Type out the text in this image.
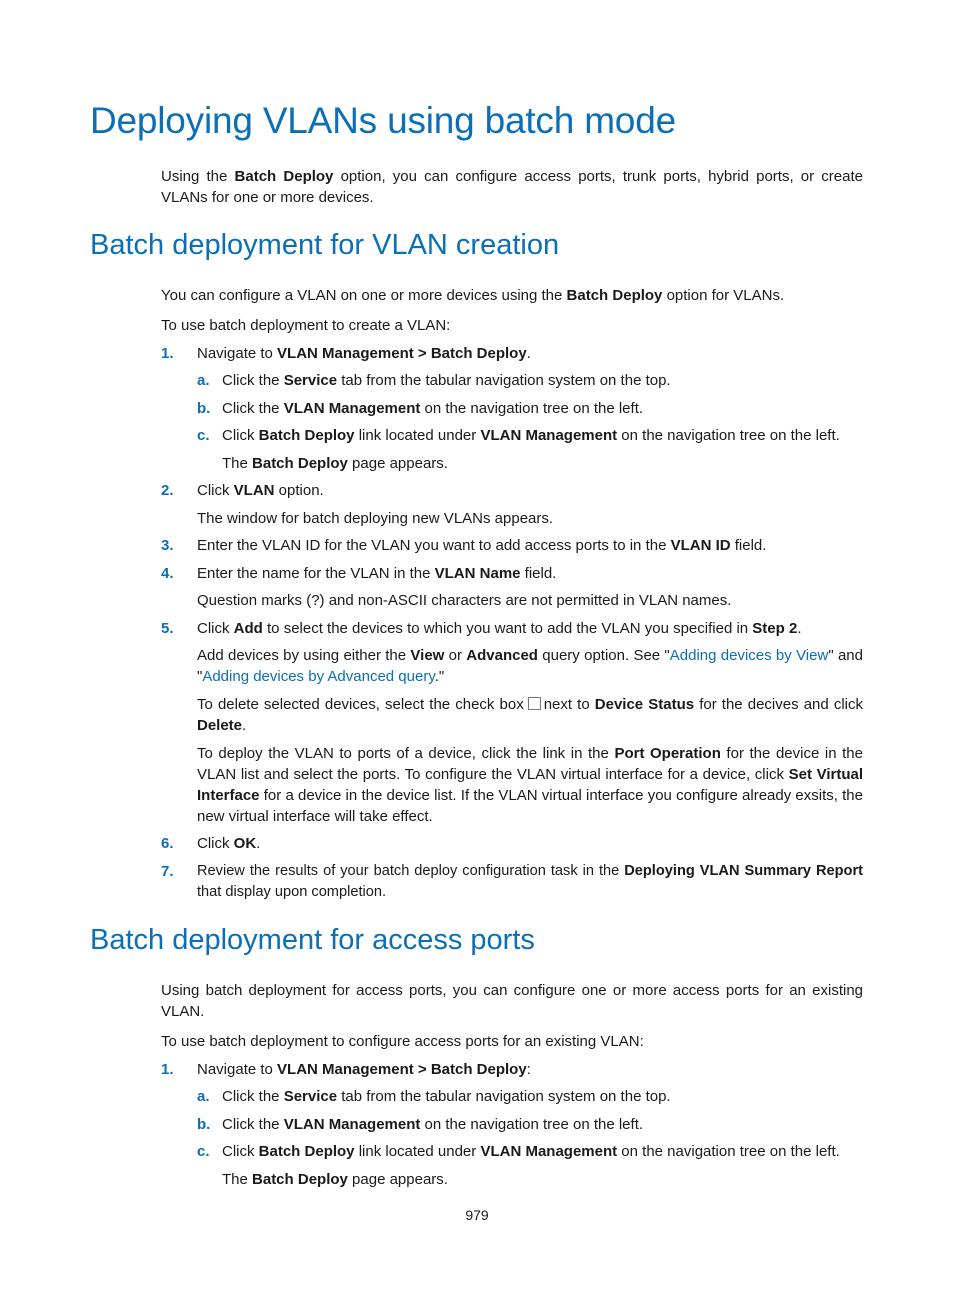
Deploying VLANs using batch mode

Using the Batch Deploy option, you can configure access ports, trunk ports, hybrid ports, or create VLANs for one or more devices.

Batch deployment for VLAN creation

You can configure a VLAN on one or more devices using the Batch Deploy option for VLANs.

To use batch deployment to create a VLAN:

1. Navigate to VLAN Management > Batch Deploy.

a. Click the Service tab from the tabular navigation system on the top.

b. Click the VLAN Management on the navigation tree on the left.

c. Click Batch Deploy link located under VLAN Management on the navigation tree on the left.

The Batch Deploy page appears.

2. Click VLAN option.

The window for batch deploying new VLANs appears.

3. Enter the VLAN ID for the VLAN you want to add access ports to in the VLAN ID field.

4. Enter the name for the VLAN in the VLAN Name field.

Question marks (?) and non-ASCII characters are not permitted in VLAN names.

5. Click Add to select the devices to which you want to add the VLAN you specified in Step 2.

Add devices by using either the View or Advanced query option. See "Adding devices by View" and "Adding devices by Advanced query."

To delete selected devices, select the check box next to Device Status for the decives and click Delete.

To deploy the VLAN to ports of a device, click the link in the Port Operation for the device in the VLAN list and select the ports. To configure the VLAN virtual interface for a device, click Set Virtual Interface for a device in the device list. If the VLAN virtual interface you configure already exsits, the new virtual interface will take effect.

6. Click OK.

7. Review the results of your batch deploy configuration task in the Deploying VLAN Summary Report that display upon completion.

Batch deployment for access ports

Using batch deployment for access ports, you can configure one or more access ports for an existing VLAN.

To use batch deployment to configure access ports for an existing VLAN:

1. Navigate to VLAN Management > Batch Deploy:

a. Click the Service tab from the tabular navigation system on the top.

b. Click the VLAN Management on the navigation tree on the left.

c. Click Batch Deploy link located under VLAN Management on the navigation tree on the left.

The Batch Deploy page appears.

979
